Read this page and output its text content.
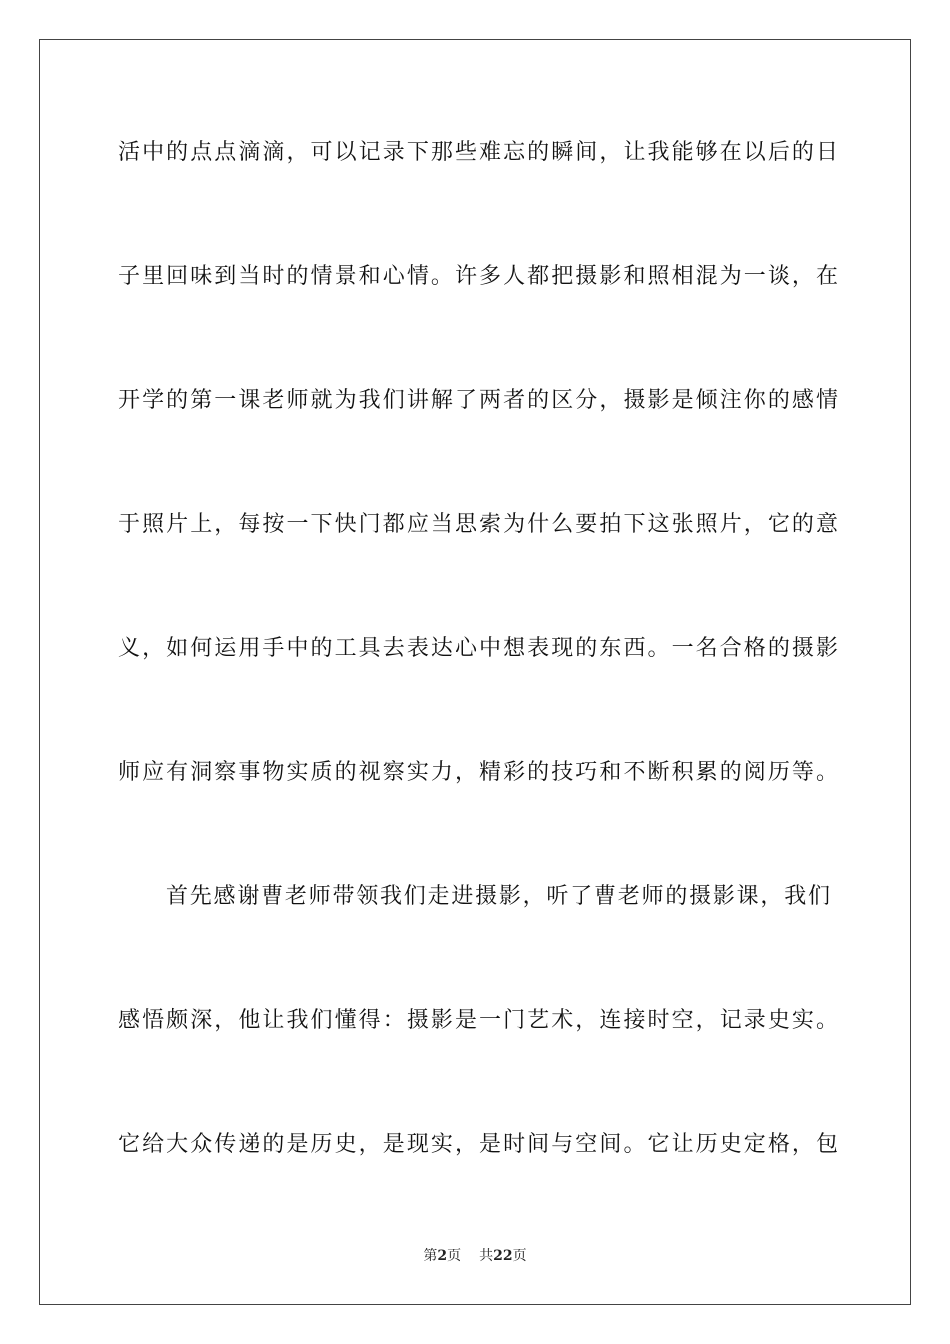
活中的点点滴滴，可以记录下那些难忘的瞬间，让我能够在以后的日
子里回味到当时的情景和心情。许多人都把摄影和照相混为一谈，在
开学的第一课老师就为我们讲解了两者的区分，摄影是倾注你的感情
于照片上，每按一下快门都应当思索为什么要拍下这张照片，它的意
义，如何运用手中的工具去表达心中想表现的东西。一名合格的摄影
师应有洞察事物实质的视察实力，精彩的技巧和不断积累的阅历等。
首先感谢曹老师带领我们走进摄影，听了曹老师的摄影课，我们
感悟颇深，他让我们懂得：摄影是一门艺术，连接时空，记录史实。
它给大众传递的是历史，是现实，是时间与空间。它让历史定格，包
第2页 共22页
